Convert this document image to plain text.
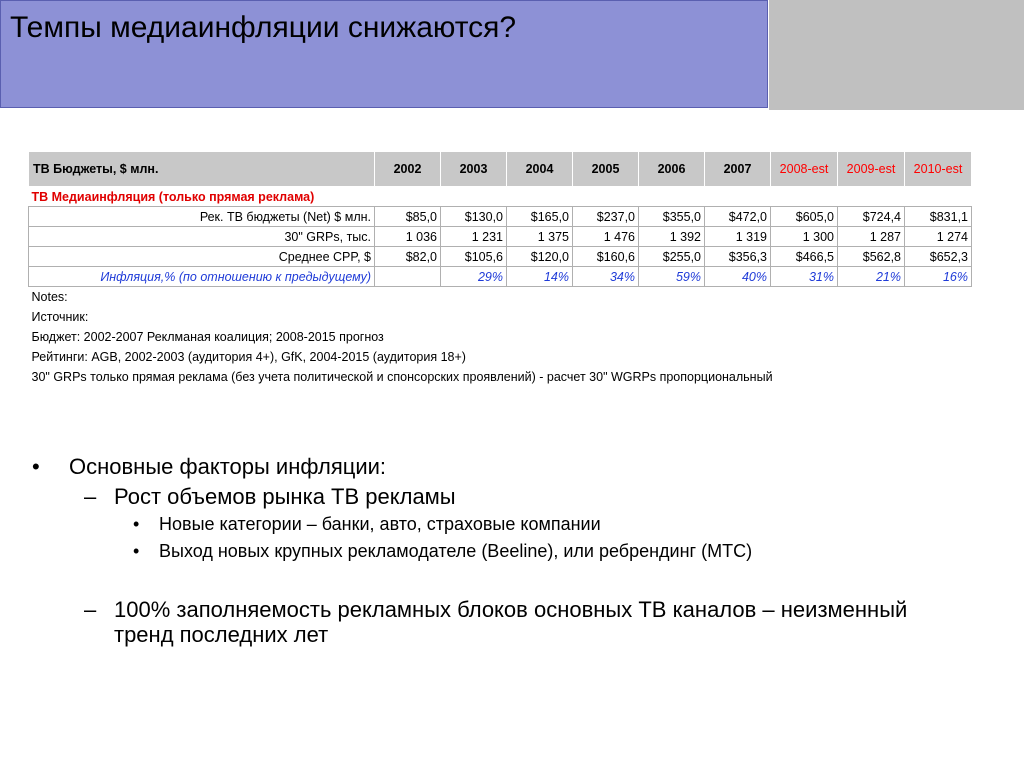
Темпы медиаинфляции снижаются?
ТВ Бюджеты, $ млн.	2002	2003	2004	2005	2006	2007	2008-est	2009-est	2010-est
ТВ Медиаинфляция (только прямая реклама)									
Рек. ТВ бюджеты (Net) $ млн.	$85,0	$130,0	$165,0	$237,0	$355,0	$472,0	$605,0	$724,4	$831,1
30" GRPs, тыс.	1 036	1 231	1 375	1 476	1 392	1 319	1 300	1 287	1 274
Среднее CPP, $	$82,0	$105,6	$120,0	$160,6	$255,0	$356,3	$466,5	$562,8	$652,3
Инфляция,% (по отношению к предыдущему)		29%	14%	34%	59%	40%	31%	21%	16%
Notes:									
Источник:									
Бюджет: 2002-2007 Реклманая коалиция; 2008-2015 прогноз									
Рейтинги: AGB, 2002-2003 (аудитория 4+), GfK, 2004-2015 (аудитория 18+)									
30" GRPs только прямая реклама (без учета политической и спонсорских проявлений) - расчет 30" WGRPs пропорциональный									
• Основные факторы инфляции:
– Рост объемов рынка ТВ рекламы
• Новые категории – банки, авто, страховые компании
• Выход новых крупных рекламодателе (Beeline), или ребрендинг (МТС)
– 100% заполняемость рекламных блоков основных ТВ каналов – неизменный тренд последних лет
